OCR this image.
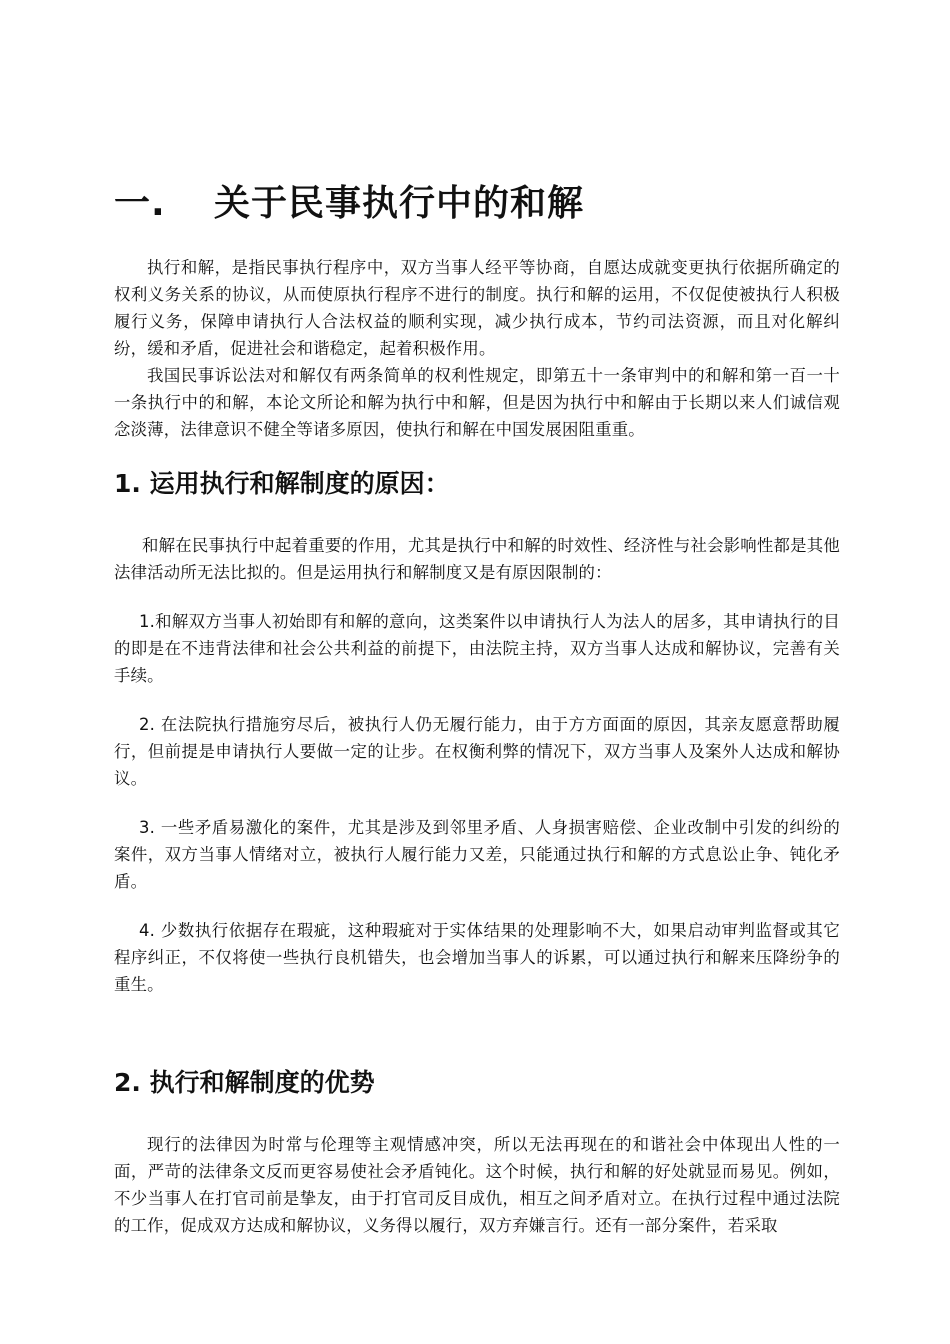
一.	关于民事执行中的和解

执行和解，是指民事执行程序中，双方当事人经平等协商，自愿达成就变更执行依据所确定的权利义务关系的协议，从而使原执行程序不进行的制度。执行和解的运用，不仅促使被执行人积极履行义务，保障申请执行人合法权益的顺利实现，减少执行成本，节约司法资源，而且对化解纠纷，缓和矛盾，促进社会和谐稳定，起着积极作用。

我国民事诉讼法对和解仅有两条简单的权利性规定，即第五十一条审判中的和解和第一百一十一条执行中的和解，本论文所论和解为执行中和解，但是因为执行中和解由于长期以来人们诚信观念淡薄，法律意识不健全等诸多原因，使执行和解在中国发展困阻重重。

1. 运用执行和解制度的原因：

和解在民事执行中起着重要的作用，尤其是执行中和解的时效性、经济性与社会影响性都是其他法律活动所无法比拟的。但是运用执行和解制度又是有原因限制的：

1.和解双方当事人初始即有和解的意向，这类案件以申请执行人为法人的居多，其申请执行的目的即是在不违背法律和社会公共利益的前提下，由法院主持，双方当事人达成和解协议，完善有关手续。

2. 在法院执行措施穷尽后，被执行人仍无履行能力，由于方方面面的原因，其亲友愿意帮助履行，但前提是申请执行人要做一定的让步。在权衡利弊的情况下，双方当事人及案外人达成和解协议。

3. 一些矛盾易激化的案件，尤其是涉及到邻里矛盾、人身损害赔偿、企业改制中引发的纠纷的案件，双方当事人情绪对立，被执行人履行能力又差，只能通过执行和解的方式息讼止争、钝化矛盾。

4. 少数执行依据存在瑕疵，这种瑕疵对于实体结果的处理影响不大，如果启动审判监督或其它程序纠正，不仅将使一些执行良机错失，也会增加当事人的诉累，可以通过执行和解来压降纷争的重生。

2. 执行和解制度的优势

现行的法律因为时常与伦理等主观情感冲突，所以无法再现在的和谐社会中体现出人性的一面，严苛的法律条文反而更容易使社会矛盾钝化。这个时候，执行和解的好处就显而易见。例如，不少当事人在打官司前是挚友，由于打官司反目成仇，相互之间矛盾对立。在执行过程中通过法院的工作，促成双方达成和解协议，义务得以履行，双方弃嫌言行。还有一部分案件，若采取
